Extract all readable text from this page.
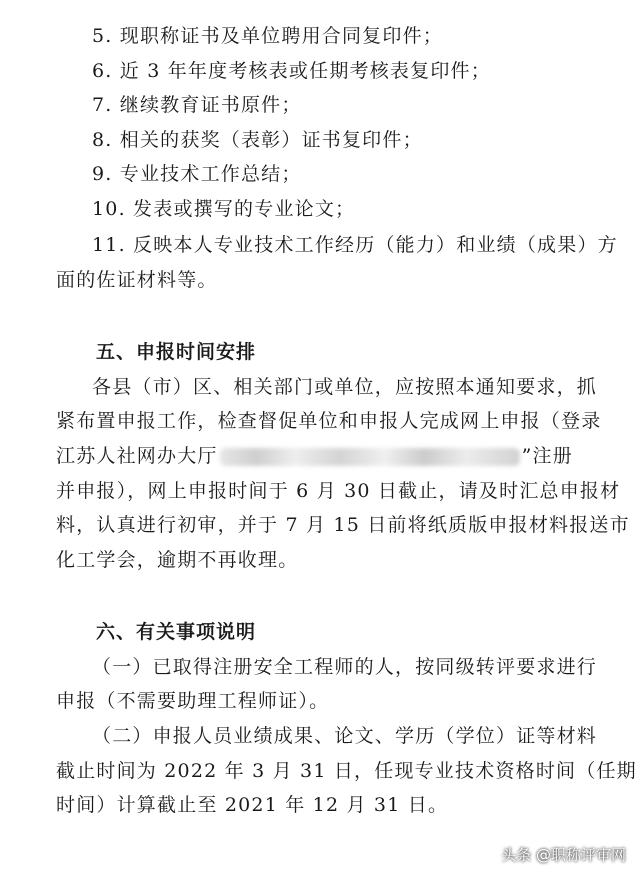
5. 现职称证书及单位聘用合同复印件；
6. 近 3 年年度考核表或任期考核表复印件；
7. 继续教育证书原件；
8. 相关的获奖（表彰）证书复印件；
9. 专业技术工作总结；
10. 发表或撰写的专业论文；
11. 反映本人专业技术工作经历（能力）和业绩（成果）方
面的佐证材料等。
五、申报时间安排
各县（市）区、相关部门或单位，应按照本通知要求，抓
紧布置申报工作，检查督促单位和申报人完成网上申报（登录
江苏人社网办大厅	”注册
并申报），网上申报时间于 6 月 30 日截止，请及时汇总申报材
料，认真进行初审，并于 7 月 15 日前将纸质版申报材料报送市
化工学会，逾期不再收理。
六、有关事项说明
（一）已取得注册安全工程师的人，按同级转评要求进行
申报（不需要助理工程师证）。
（二）申报人员业绩成果、论文、学历（学位）证等材料
截止时间为 2022 年 3 月 31 日，任现专业技术资格时间（任期
时间）计算截止至 2021 年 12 月 31 日。
头条 @职称评审网
